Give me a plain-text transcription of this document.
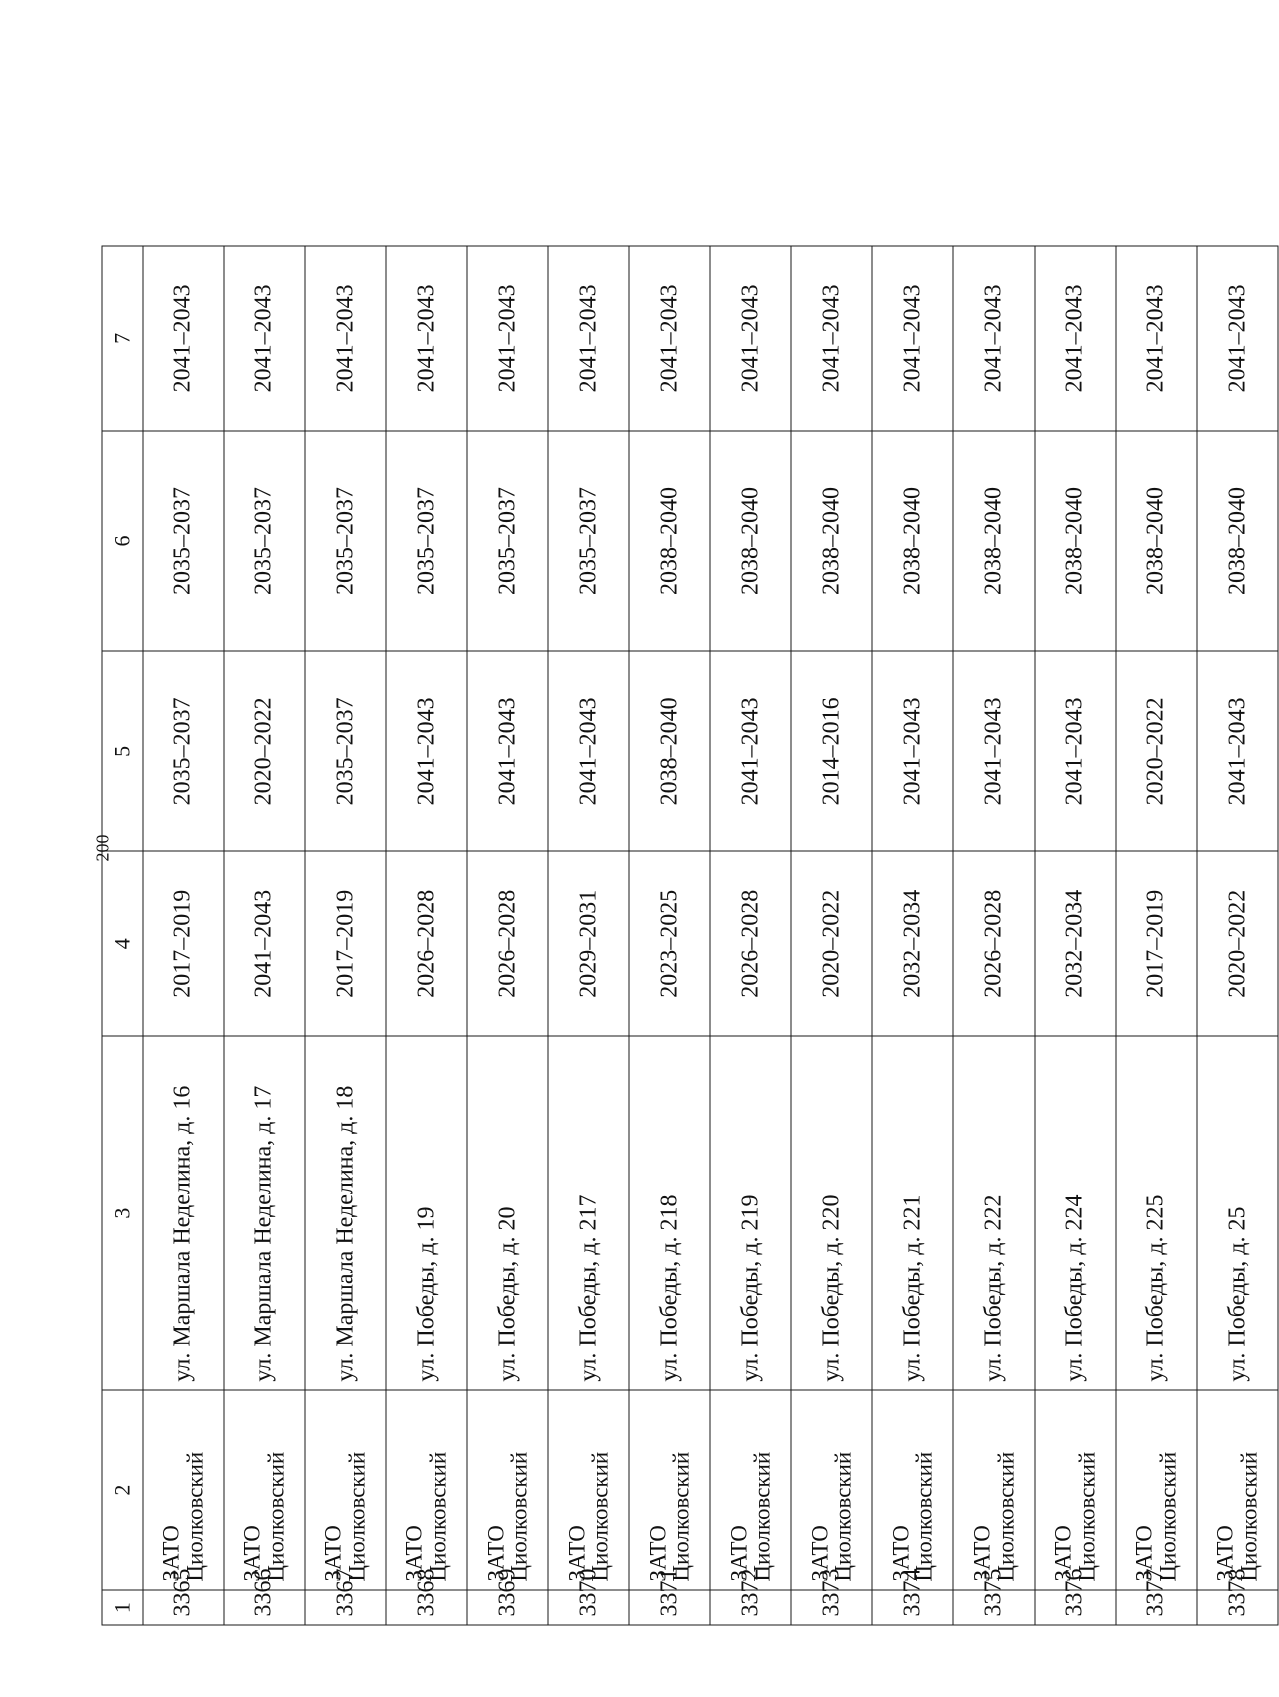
200
1	2	3	4	5	6	7
3365	ЗАТО Циолковский	ул. Маршала Неделина, д. 16	2017–2019	2035–2037	2035–2037	2041–2043
3366	ЗАТО Циолковский	ул. Маршала Неделина, д. 17	2041–2043	2020–2022	2035–2037	2041–2043
3367	ЗАТО Циолковский	ул. Маршала Неделина, д. 18	2017–2019	2035–2037	2035–2037	2041–2043
3368	ЗАТО Циолковский	ул. Победы, д. 19	2026–2028	2041–2043	2035–2037	2041–2043
3369	ЗАТО Циолковский	ул. Победы, д. 20	2026–2028	2041–2043	2035–2037	2041–2043
3370	ЗАТО Циолковский	ул. Победы, д. 217	2029–2031	2041–2043	2035–2037	2041–2043
3371	ЗАТО Циолковский	ул. Победы, д. 218	2023–2025	2038–2040	2038–2040	2041–2043
3372	ЗАТО Циолковский	ул. Победы, д. 219	2026–2028	2041–2043	2038–2040	2041–2043
3373	ЗАТО Циолковский	ул. Победы, д. 220	2020–2022	2014–2016	2038–2040	2041–2043
3374	ЗАТО Циолковский	ул. Победы, д. 221	2032–2034	2041–2043	2038–2040	2041–2043
3375	ЗАТО Циолковский	ул. Победы, д. 222	2026–2028	2041–2043	2038–2040	2041–2043
3376	ЗАТО Циолковский	ул. Победы, д. 224	2032–2034	2041–2043	2038–2040	2041–2043
3377	ЗАТО Циолковский	ул. Победы, д. 225	2017–2019	2020–2022	2038–2040	2041–2043
3378	ЗАТО Циолковский	ул. Победы, д. 25	2020–2022	2041–2043	2038–2040	2041–2043
